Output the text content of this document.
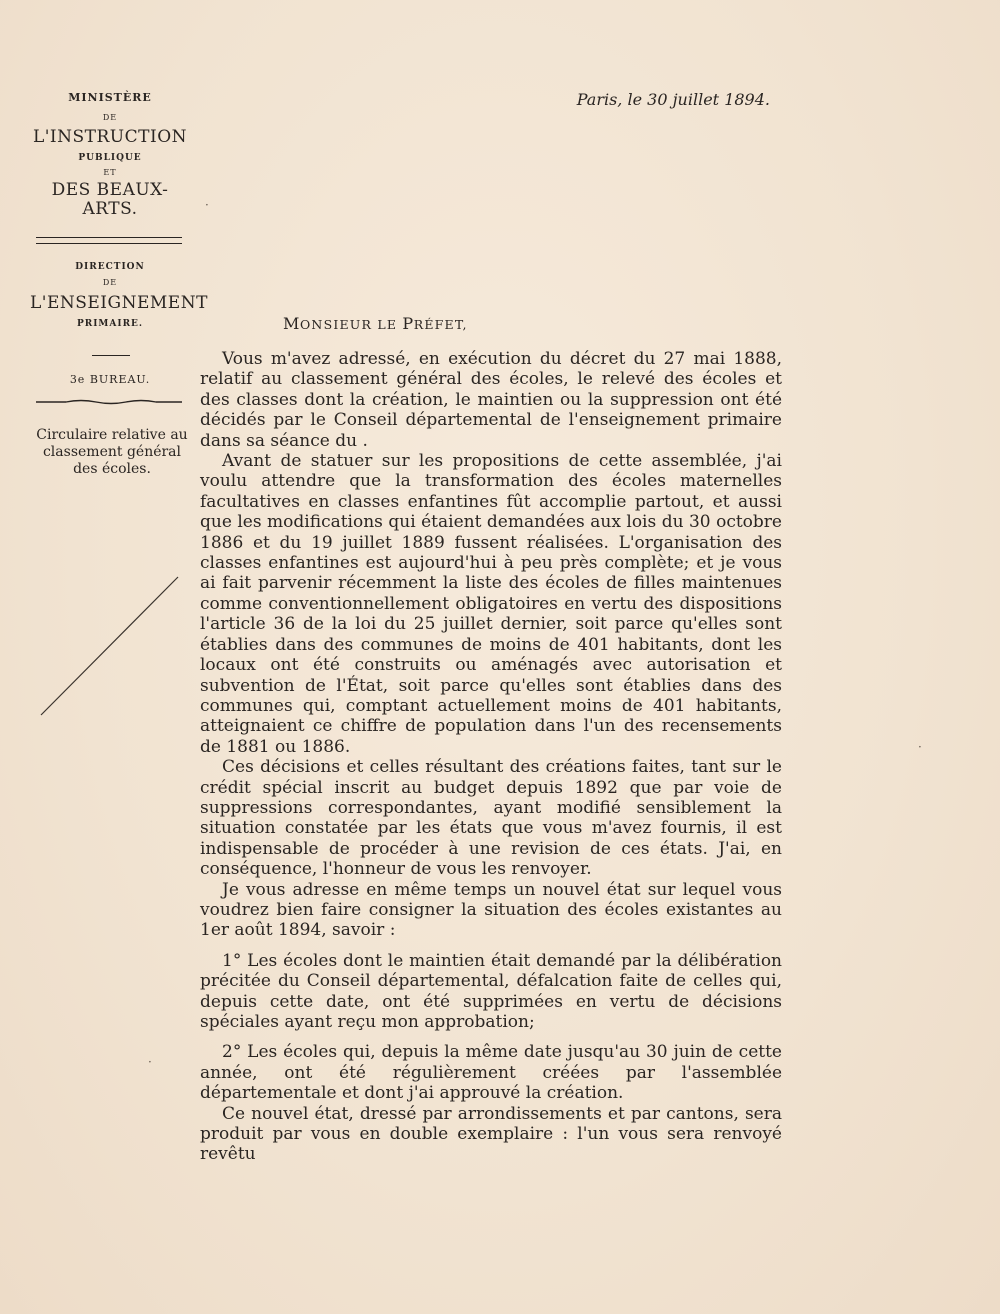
MINISTÈRE
DE
L'INSTRUCTION
PUBLIQUE
ET
DES BEAUX-ARTS.
DIRECTION
DE
L'ENSEIGNEMENT
PRIMAIRE.
3e BUREAU.
Circulaire relative au classement général des écoles.
Paris, le 30 juillet 1894.
MONSIEUR LE PRÉFET,

Vous m'avez adressé, en exécution du décret du 27 mai 1888, relatif au classement général des écoles, le relevé des écoles et des classes dont la création, le maintien ou la suppression ont été décidés par le Conseil départemental de l'enseignement primaire dans sa séance du .

Avant de statuer sur les propositions de cette assemblée, j'ai voulu attendre que la transformation des écoles maternelles facultatives en classes enfantines fût accomplie partout, et aussi que les modifications qui étaient demandées aux lois du 30 octobre 1886 et du 19 juillet 1889 fussent réalisées. L'organisation des classes enfantines est aujourd'hui à peu près complète; et je vous ai fait parvenir récemment la liste des écoles de filles maintenues comme conventionnellement obligatoires en vertu des dispositions l'article 36 de la loi du 25 juillet dernier, soit parce qu'elles sont établies dans des communes de moins de 401 habitants, dont les locaux ont été construits ou aménagés avec autorisation et subvention de l'État, soit parce qu'elles sont établies dans des communes qui, comptant actuellement moins de 401 habitants, atteignaient ce chiffre de population dans l'un des recensements de 1881 ou 1886.

Ces décisions et celles résultant des créations faites, tant sur le crédit spécial inscrit au budget depuis 1892 que par voie de suppressions correspondantes, ayant modifié sensiblement la situation constatée par les états que vous m'avez fournis, il est indispensable de procéder à une revision de ces états. J'ai, en conséquence, l'honneur de vous les renvoyer.

Je vous adresse en même temps un nouvel état sur lequel vous voudrez bien faire consigner la situation des écoles existantes au 1er août 1894, savoir :

1° Les écoles dont le maintien était demandé par la délibération précitée du Conseil départemental, défalcation faite de celles qui, depuis cette date, ont été supprimées en vertu de décisions spéciales ayant reçu mon approbation;

2° Les écoles qui, depuis la même date jusqu'au 30 juin de cette année, ont été régulièrement créées par l'assemblée départementale et dont j'ai approuvé la création.

Ce nouvel état, dressé par arrondissements et par cantons, sera produit par vous en double exemplaire : l'un vous sera renvoyé revêtu

·
·
·
